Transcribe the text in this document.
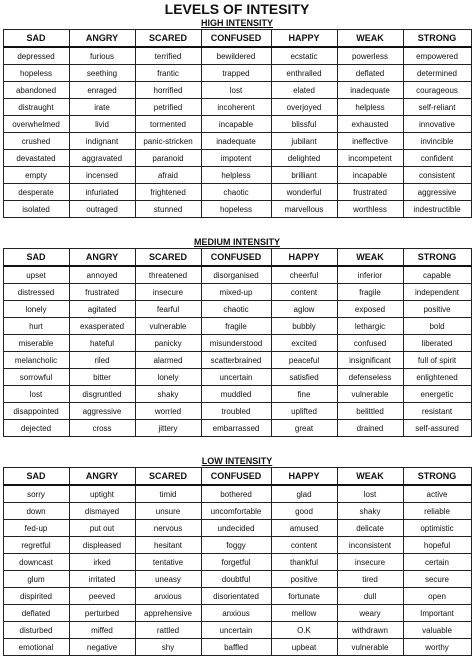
LEVELS OF INTESITY
HIGH INTENSITY
SAD	ANGRY	SCARED	CONFUSED	HAPPY	WEAK	STRONG
depressed	furious	terrified	bewildered	ecstatic	powerless	empowered
hopeless	seething	frantic	trapped	enthralled	deflated	determined
abandoned	enraged	horrified	lost	elated	inadequate	courageous
distraught	irate	petrified	incoherent	overjoyed	helpless	self-reliant
overwhelmed	livid	tormented	incapable	blissful	exhausted	innovative
crushed	indignant	panic-stricken	inadequate	jubilant	ineffective	invincible
devastated	aggravated	paranoid	impotent	delighted	incompetent	confident
empty	incensed	afraid	helpless	brilliant	incapable	consistent
desperate	infuriated	frightened	chaotic	wonderful	frustrated	aggressive
isolated	outraged	stunned	hopeless	marvellous	worthless	indestructible
MEDIUM INTENSITY
SAD	ANGRY	SCARED	CONFUSED	HAPPY	WEAK	STRONG
upset	annoyed	threatened	disorganised	cheerful	inferior	capable
distressed	frustrated	insecure	mixed-up	content	fragile	independent
lonely	agitated	fearful	chaotic	aglow	exposed	positive
hurt	exasperated	vulnerable	fragile	bubbly	lethargic	bold
miserable	hateful	panicky	misunderstood	excited	confused	liberated
melancholic	riled	alarmed	scatterbrained	peaceful	insignificant	full of spirit
sorrowful	bitter	lonely	uncertain	satisfied	defenseless	enlightened
lost	disgruntled	shaky	muddled	fine	vulnerable	energetic
disappointed	aggressive	worried	troubled	uplifted	belittled	resistant
dejected	cross	jittery	embarrassed	great	drained	self-assured
LOW INTENSITY
SAD	ANGRY	SCARED	CONFUSED	HAPPY	WEAK	STRONG
sorry	uptight	timid	bothered	glad	lost	active
down	dismayed	unsure	uncomfortable	good	shaky	reliable
fed-up	put out	nervous	undecided	amused	delicate	optimistic
regretful	displeased	hesitant	foggy	content	inconsistent	hopeful
downcast	irked	tentative	forgetful	thankful	insecure	certain
glum	irritated	uneasy	doubtful	positive	tired	secure
dispirited	peeved	anxious	disorientated	fortunate	dull	open
deflated	perturbed	apprehensive	anxious	mellow	weary	Important
disturbed	miffed	rattled	uncertain	O.K	withdrawn	valuable
emotional	negative	shy	baffled	upbeat	vulnerable	worthy
